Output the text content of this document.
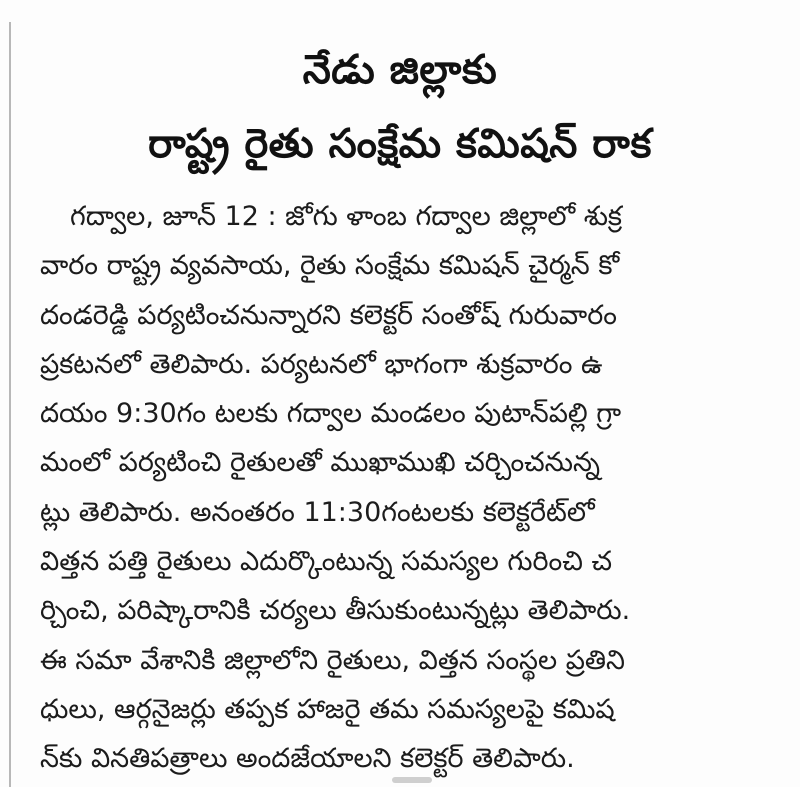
నేడు జిల్లాకు
రాష్ట్ర రైతు సంక్షేమ కమిషన్ రాక
గద్వాల, జూన్ 12 : జోగు ళాంబ గద్వాల జిల్లాలో శుక్ర
వారం రాష్ట్ర వ్యవసాయ, రైతు సంక్షేమ కమిషన్ చైర్మన్ కో
దండరెడ్డి పర్యటించనున్నారని కలెక్టర్ సంతోష్ గురువారం
ప్రకటనలో తెలిపారు. పర్యటనలో భాగంగా శుక్రవారం ఉ
దయం 9:30గం టలకు గద్వాల మండలం పుటాన్‌పల్లి గ్రా
మంలో పర్యటించి రైతులతో ముఖాముఖి చర్చించనున్న
ట్లు తెలిపారు. అనంతరం 11:30గంటలకు కలెక్టరేట్‌లో
విత్తన పత్తి రైతులు ఎదుర్కొంటున్న సమస్యల గురించి చ
ర్చించి, పరిష్కారానికి చర్యలు తీసుకుంటున్నట్లు తెలిపారు.
ఈ సమా వేశానికి జిల్లాలోని రైతులు, విత్తన సంస్థల ప్రతిని
ధులు, ఆర్గనైజర్లు తప్పక హాజరై తమ సమస్యలపై కమిష
న్‌కు వినతిపత్రాలు అందజేయాలని కలెక్టర్ తెలిపారు.
